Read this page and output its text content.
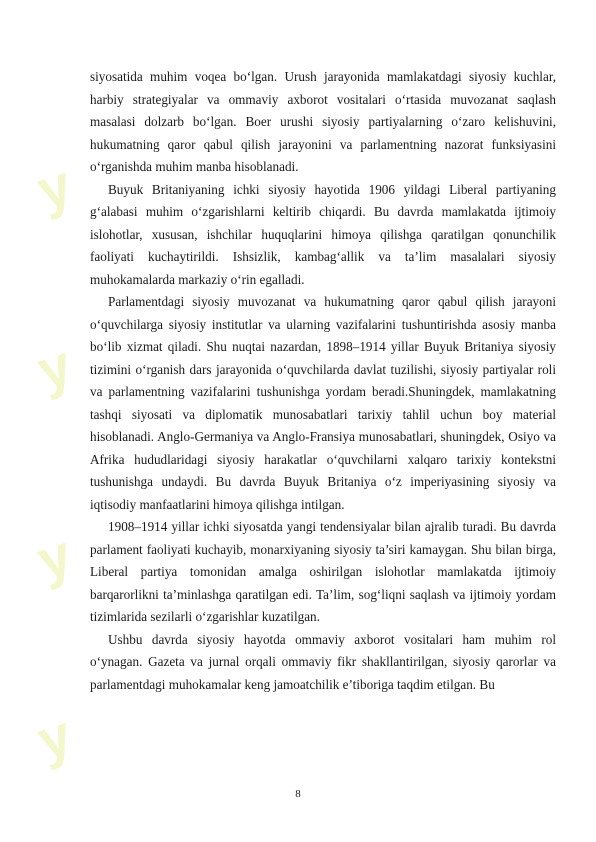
y
y
y
y

siyosatida muhim voqea bo‘lgan. Urush jarayonida mamlakatdagi siyosiy kuchlar, harbiy strategiyalar va ommaviy axborot vositalari o‘rtasida muvozanat saqlash masalasi dolzarb bo‘lgan. Boer urushi siyosiy partiyalarning o‘zaro kelishuvini, hukumatning qaror qabul qilish jarayonini va parlamentning nazorat funksiyasini o‘rganishda muhim manba hisoblanadi.

Buyuk Britaniyaning ichki siyosiy hayotida 1906 yildagi Liberal partiyaning g‘alabasi muhim o‘zgarishlarni keltirib chiqardi. Bu davrda mamlakatda ijtimoiy islohotlar, xususan, ishchilar huquqlarini himoya qilishga qaratilgan qonunchilik faoliyati kuchaytirildi. Ishsizlik, kambag‘allik va ta’lim masalalari siyosiy muhokamalarda markaziy o‘rin egalladi.

Parlamentdagi siyosiy muvozanat va hukumatning qaror qabul qilish jarayoni o‘quvchilarga siyosiy institutlar va ularning vazifalarini tushuntirishda asosiy manba bo‘lib xizmat qiladi. Shu nuqtai nazardan, 1898–1914 yillar Buyuk Britaniya siyosiy tizimini o‘rganish dars jarayonida o‘quvchilarda davlat tuzilishi, siyosiy partiyalar roli va parlamentning vazifalarini tushunishga yordam beradi.Shuningdek, mamlakatning tashqi siyosati va diplomatik munosabatlari tarixiy tahlil uchun boy material hisoblanadi. Anglo-Germaniya va Anglo-Fransiya munosabatlari, shuningdek, Osiyo va Afrika hududlaridagi siyosiy harakatlar o‘quvchilarni xalqaro tarixiy kontekstni tushunishga undaydi. Bu davrda Buyuk Britaniya o‘z imperiyasining siyosiy va iqtisodiy manfaatlarini himoya qilishga intilgan.

1908–1914 yillar ichki siyosatda yangi tendensiyalar bilan ajralib turadi. Bu davrda parlament faoliyati kuchayib, monarxiyaning siyosiy ta’siri kamaygan. Shu bilan birga, Liberal partiya tomonidan amalga oshirilgan islohotlar mamlakatda ijtimoiy barqarorlikni ta’minlashga qaratilgan edi. Ta’lim, sog‘liqni saqlash va ijtimoiy yordam tizimlarida sezilarli o‘zgarishlar kuzatilgan.

Ushbu davrda siyosiy hayotda ommaviy axborot vositalari ham muhim rol o‘ynagan. Gazeta va jurnal orqali ommaviy fikr shakllantirilgan, siyosiy qarorlar va parlamentdagi muhokamalar keng jamoatchilik e’tiboriga taqdim etilgan. Bu

8
